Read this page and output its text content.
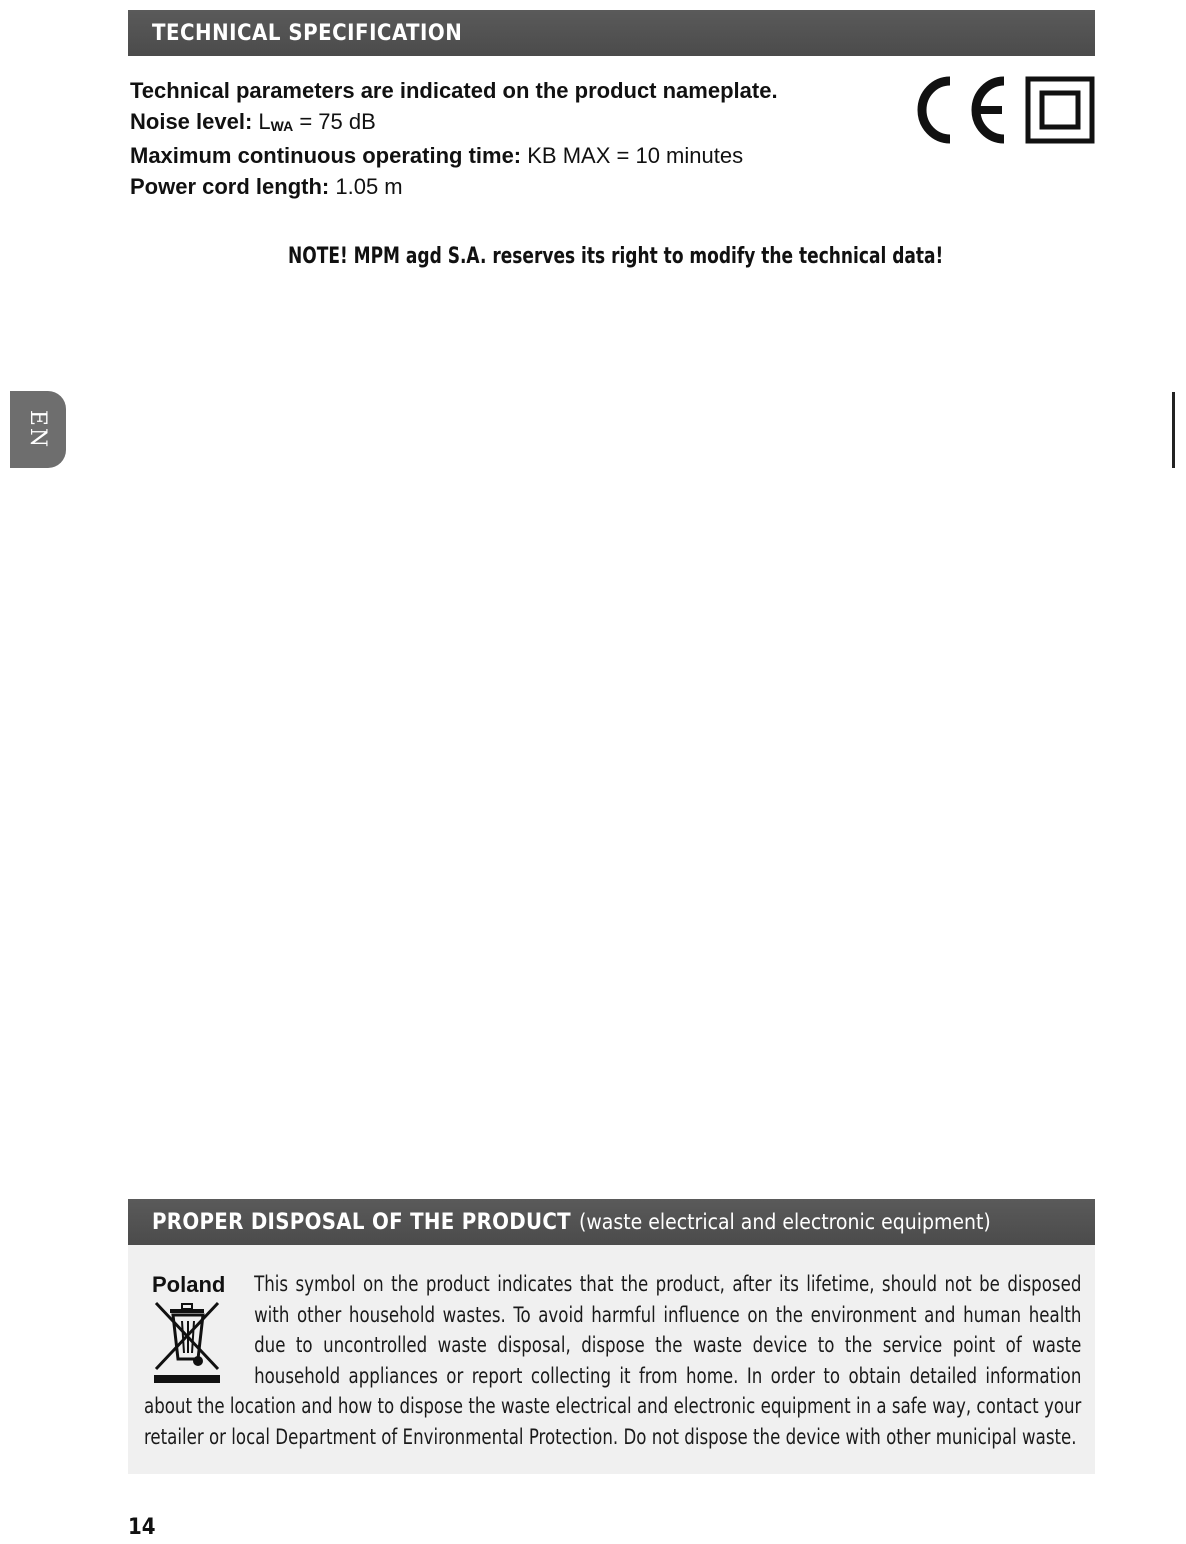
TECHNICAL SPECIFICATION
Technical parameters are indicated on the product nameplate.
Noise level: LWA = 75 dB
Maximum continuous operating time: KB MAX = 10 minutes
Power cord length: 1.05 m
NOTE! MPM agd S.A. reserves its right to modify the technical data!
EN
PROPER DISPOSAL OF THE PRODUCT (waste electrical and electronic equipment)
This symbol on the product indicates that the product, after its lifetime, should not be disposed with other household wastes. To avoid harmful influence on the environment and human health due to uncontrolled waste disposal, dispose the waste device to the service point of waste household appliances or report collecting it from home. In order to obtain detailed information about the location and how to dispose the waste electrical and electronic equipment in a safe way, contact your retailer or local Department of Environmental Protection. Do not dispose the device with other municipal waste.
Poland
14
